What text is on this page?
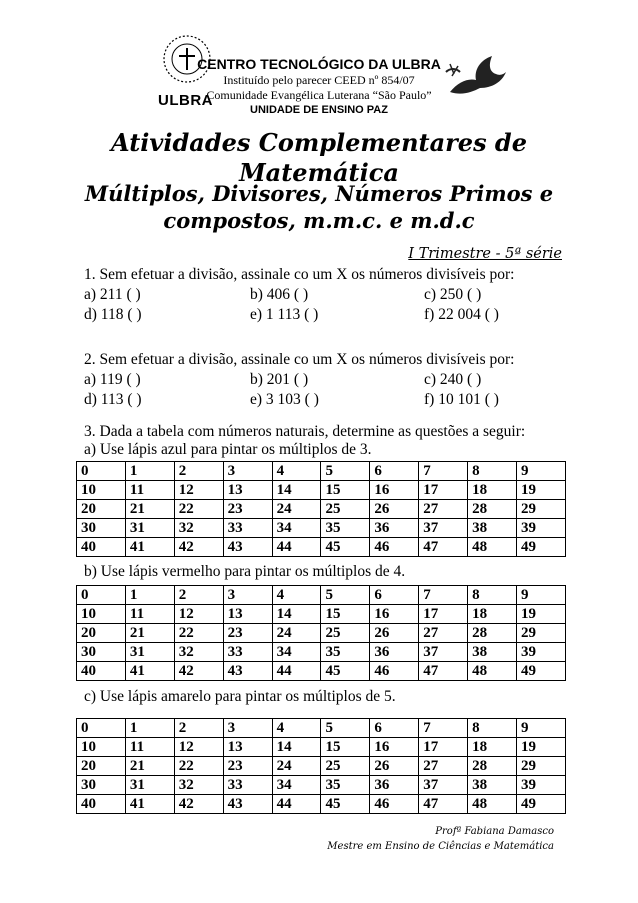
ULBRA
CENTRO TECNOLÓGICO DA ULBRA
Instituído pelo parecer CEED nº 854/07
Comunidade Evangélica Luterana “São Paulo”
UNIDADE DE ENSINO PAZ
Atividades Complementares de
Matemática
Múltiplos, Divisores, Números Primos e
compostos, m.m.c. e m.d.c
I Trimestre - 5ª série
1. Sem efetuar a divisão, assinale co um X os números divisíveis por:
a) 211 ( )	b) 406 ( )	c) 250 ( )
d) 118 ( )	e) 1 113 ( )	f) 22 004 ( )
2. Sem efetuar a divisão, assinale co um X os números divisíveis por:
a) 119 ( )	b) 201 ( )	c) 240 ( )
d) 113 ( )	e) 3 103 ( )	f) 10 101 ( )
3. Dada a tabela com números naturais, determine as questões a seguir:
a) Use lápis azul para pintar os múltiplos de 3.
0	1	2	3	4	5	6	7	8	9
10	11	12	13	14	15	16	17	18	19
20	21	22	23	24	25	26	27	28	29
30	31	32	33	34	35	36	37	38	39
40	41	42	43	44	45	46	47	48	49
b) Use lápis vermelho para pintar os múltiplos de 4.
0	1	2	3	4	5	6	7	8	9
10	11	12	13	14	15	16	17	18	19
20	21	22	23	24	25	26	27	28	29
30	31	32	33	34	35	36	37	38	39
40	41	42	43	44	45	46	47	48	49
c) Use lápis amarelo para pintar os múltiplos de 5.
0	1	2	3	4	5	6	7	8	9
10	11	12	13	14	15	16	17	18	19
20	21	22	23	24	25	26	27	28	29
30	31	32	33	34	35	36	37	38	39
40	41	42	43	44	45	46	47	48	49
Profª Fabiana Damasco
Mestre em Ensino de Ciências e Matemática
